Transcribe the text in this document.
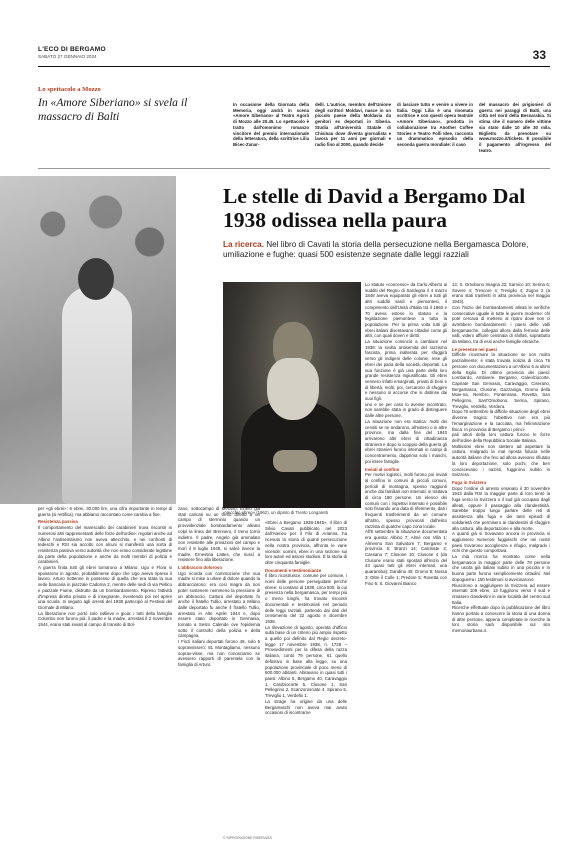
L'ECO DI BERGAMO
SABATO 27 GENNAIO 2024	33
Lo spettacolo a Mozzo
In «Amore Siberiano» si svela il massacro di Balti
In occasione della Giornata della Memoria, oggi andrà in scena «Amore Siberiano» al Teatro Agorà di Mozzo alle 20.45. Lo spettacolo è tratto dall'omonimo romanzo vincitore del premio internazionale della letteratura, della scrittrice Lilia Bicec-Zanar-
delli. L'autrice, membro dell'Unione degli scrittori Moldavi, nasce in un piccolo paese della Moldavia da genitori ex deportati in Siberia. Studia all'Università Statale di Chisinau dove diventa giornalista e lavora per 11 anni per giornali e radio fino al 2000, quando decide
di lasciare tutto e venire a vivere in Italia. Oggi Lilia è una rinomata scrittrice e con questi opera teatrale «Amore Siberiano», prodotta in collaborazione tra Another Coffee Stories e Teatro Folli Idee, racconta un drammatico episodio della seconda guerra mondiale: il caso
del massacro dei prigionieri di guerra nei paraggi di Balti, una città nel nord della Bessarabia. Si stima che il numero delle vittime sia stato dalle 10 alle 30 mila. Biglietto da prenotare su www.mozzo.it/tickets. È possibile il pagamento all'ingresso del teatro.
Le stelle di David a Bergamo Dal 1938 odissea nella paura
La ricerca. Nel libro di Cavati la storia della persecuzione nella Bergamasca Dolore, umiliazione e fughe: quasi 500 esistenze segnate dalle leggi razziali
«Vecchio ebreo» (1962), un dipinto di Trento Longaretti

per «gli ebrei»: 6 ebrei, 30.000 lire, una cifra importante in tempi di guerra (si rettifica), ma abbiamo raccontato come cambia a fine.

Resistenza passiva

Il comportamento del maresciallo dei carabinieri trova riscontri in numerosi altri rappresentanti delle forze dell'ordine: regolari anche ad Albino l'antisemitismo non aveva attecchito, e nei confronti di tedeschi e RSI sia accolto con alcuni si manifestò una sorta di resistenza passiva verso autorità che non erano considerate legittime da parte della popolazione e anche da molti membri di polizia e carabinieri.

A guerra finita tutti gli ebrei tornarono a Milano: Ugo e Flora si sposarono in agosto, probabilmente dopo che Ugo aveva ripreso il lavoro. Arturo riottenne in possesso di quella che era stata la sua sede bancaria in piazzale Cadorna 2, mentre delle sedi di via Pellico e piazzale Fiume, distrutte da un bombardamento. Ripreso l'attività d'impresa diretta privato e di insegnante, rivestendo poi nel aprire una scuola. In seguito agli arresti del 1938 partecipò al Festival del Giornale di Milano.

La liberazione non portò solo sollievo e gioia: i tutti della famiglia Colombo non furono più: il padre e la madre, arrestati il 2 novembre 1944, erano stati inviati al campo di transito di Bol-

zano, sottocampo di Merano. Erano già stati caricati su un treno diretto a un campo di sterminio quando un provvidenziale bombardamento alleato colpì la linea del Brennero, il treno tornò indietro. Il padre, Angelo già ammalato non resistette alle privazioni del campo e morì il 8 luglio 1945, si salvò invece la madre, Ernestina Lattes, che riuscì a resistere fino alla liberazione.

L'abbraccio doloroso

Ugo ricorda con commozione che sua madre si mise a urlare di dolore quando la abbracciarono: era così magra da non poter sostenere nemmeno la pressione di un abbraccio. Cattura del deportato fu anche il fratello Tullio, arrestato a Milano dalle deportato fu anche il fratello Tullio, arrestato in Alte Aprile 1944 e, dopo essere stato deportato in Germania, tornato a Sesto Calende ove l'epidemia sotto il controllo della polizia e della campagna.

I Finzi italiani deportati furono 48, solo 5 sopravvissero; 81 Montagliamo, nessuno soprav-visse, ma non conosciamo se avessero rapporti di parentela con la famiglia di Arturo.

«Ebrei a Bergamo 1938-1945», Il libro di Silvio Cavati pubblicato nel 2023 dall'Ateneo per il Filo di Arianna, ha ricevuto la storia di quanti persecuzione nella nostra provincia, affronta le varie vicende: uomini, ebrei in una sezione sui loro autori ed assoni studiosi. È la storia di oltre cinquanta famiglie.

Documenti e testimonianze

Il libro ricostruisce, comune per comune, i nomi delle persone perseguitate perché ebree: si contano al 1938, circa 500, la cui presenza nella bergamasca, per tempi più o meno lunghi, ha trovato riscontri documentali e testimoniali nel periodo delle leggi razziali, partendo dai dati del censimento del 22 agosto e dicembre 1938.

La rilevazione di agosto, operata d'ufficio sulla base di un criterio più ampio rispetto a quello poi definito dal Regio decreto-legge 17 novembre 1938, n. 1728 – Provvedimenti per la difesa della razza italiana, contò 79 persone, 61 quello definitivo in base alla legge, su una popolazione provinciale di poco meno di 600.000 abitanti. Abitavano in quasi tutti i paesi: Albino 5, Bergamo 40, Caravaggio 1, Calolziocorte 5, Clusone 1, San Pellegrino 2, Scanzorosciate 4, Spirano 5, Treviglio 1, Verdello 1.

La strage ha origine da una delle Bergamaschi non aveva mai avuto occasioni di incontrarne

Lo statuto «concesso» da Carlo Alberto ai sudditi del Regno di Sardegna il 4 marzo 1848 aveva equiparato gli ebrei a tutti gli altri sudditi sardi e piemontesi, il compimento dell'Unità d'Italia tra il 1860 e 70 aveva esteso lo statuto e la legislazione piemontese a tutta la popolazione. Per la prima volta tutti gli ebrei italiani diventavano cittadini come gli altri, con quali doveri e diritti.

La situazione cominciò a cambiare nel 1938: la svolta antisemita del razzismo fascista, prima inalterata per sfuggirà verso gli indigeni delle colonie, rese gli ebrei dei paria della società, deportati. La sua funzione è già una parte della loro grande resistenza ingiustificata. Gli ebrei vennero infatti emarginati, privati di beni e di libertà, molti, poi, cercarono di sfuggire e nessuno si accorse che si distinse dai suoi figli.

uno e se per caso lo avesse incontrato, non sarebbe stata in grado di distinguere dalle altre persone.

La situazione non era statica: molti dei censiti se ne andarono, all'estero o in altre province, ma dalla fine del 1940 arrivarono altri ebrei di cittadinanza straniera e dopo lo scoppio della guerra gli ebrei stranieri furono internati in campi di concentramento, dapprima solo i maschi, poi intere famiglie.

Inviati al confino

Per motivi logistici, molti furono poi inviati al confino in comuni di piccoli comuni, periodi di montagna, spesso raggiunti anche dai familiari non internati: si trattava di circa 180 persone. Un elenco dei comuni con i rispettivi internati è possibile solo fissando una data di riferimento, dati i frequenti trasferimenti da un comune all'altro, spesso provocati dall'esito razzista di qualche capo zona locale.

All'8 settembre la situazione documentata era questa: Albino 7; Almè con Villa 1; Almenno San Salvatore 7; Bergamo e provincia 5; Branzi 14; Calcinate 2; Cassano 7; Clusone 10; Clusone 4 (da Clusone erano stati spostati all'inizio del 43 quasi tutti gli ebrei internati, una quarantina); Gandino 40; Gromo 8; Nossa 3; Oltre il Colle 1; Predore 5; Rovetta con Fino 6; S. Giovanni Bianco

14; S. Omobono Imagna 22; Sarnico 10; Serina 6; Sovere 4; Trescore 4; Treviglio 4; Zogno 2 (a erano stati trasferiti in altra provincia nel maggio 1943).

Con l'inizio dei bombardamenti alleati le verifiche consecutive uguale in tutte le guerre moderne: chi poté cercava di mettersi al riparo dove non ci avrebbero bombardamenti: i paesi delle valli bergamasche, collegati allora dalla ferrovia delle valli, videro affluire centinaia di sfollati, soprattutto da Milano, tra di essi anche famiglie ebraiche.

Le presenze nei paesi

Difficile ricostruire la situazione se non molto parzialmente; è stata trovata notizia di circa 76 persone con documentazioni a un'Albino 6 ai ultimi della Siglio. Di ottimo provincia dei paesi: Lombardo, Ambivere, Bergamo, Caleolziocorte, Capriate San Gervasio, Caravaggio, Ciserano, Bergamasca, Clusone, Gazzaniga, Gromo della Moie-na, Nembro, Pontenrana, Rovetta, San Pellegrino, Sant'Omobono, Serina, Spirano, Treviglio, Verdello, Verdera.

Dopo l'8 settembre la difficile situazione degli ebrei divenne tragica: l'obiettivo non era più l'emarginazione e la cacciata, ma l'eliminazione fisica. In provincia di Bergamo i princi-

pali attori della loro cattura furono le forze dell'ordine della Repubblica Sociale Italiana.

Moltissimi ebrei non stettero ad aspettare la cattura, malgrado la mal riposta fiducia nelle autorità italiane che fino ad allora avevano rifiutato la loro deportazione, solo pochi, che ben conoscevano i nazisti, fuggirono subito in Svizzera.

Fuga in Svizzera

Dopo l'ordine di arresto emanato il 30 novembre 1943 dalla RSI la maggior parte di loro tentò la fuga verso la Svizzera o il sud già occupato dagli alleati, oppure il passaggio alla clandestinità. Sarebbe troppo lungo parlare delle reti di assistenza alla fuga e dei tanti episodi di solidarietà che permisero ai clandestini di sfuggire alla cattura, alla deportazione e alla morte.

A quanti già si trovavano ancora in provincia si aggiunsero numerosi fuggiaschi che nei nostri paesi trovarono accoglienza e rifugio, malgrado i richi che questo comportava.

La mia ricerca ha mostrato come nella bergamasca la maggior parte delle 78 persone che uscita già italiani subito in una piccola e in buona parte furono semplicemente cittadini. Nel dopoguerra i 150 testimoni si avvicinarono.

Riuscirono a raggiungere la Svizzera ad essere internati 109 ebrei, 13 fuggirono verso il sud e rimasero clandestini in varie località del centro sud Italia.

Ricerche effettuate dopo la pubblicazione del libro hanno portato a conoscere la storia di una donna di altre persone, appena completate le ricerche la loro storia sarà disponibile sul sito memoriaurbana.it.

© RIPRODUZIONE RISERVATA
